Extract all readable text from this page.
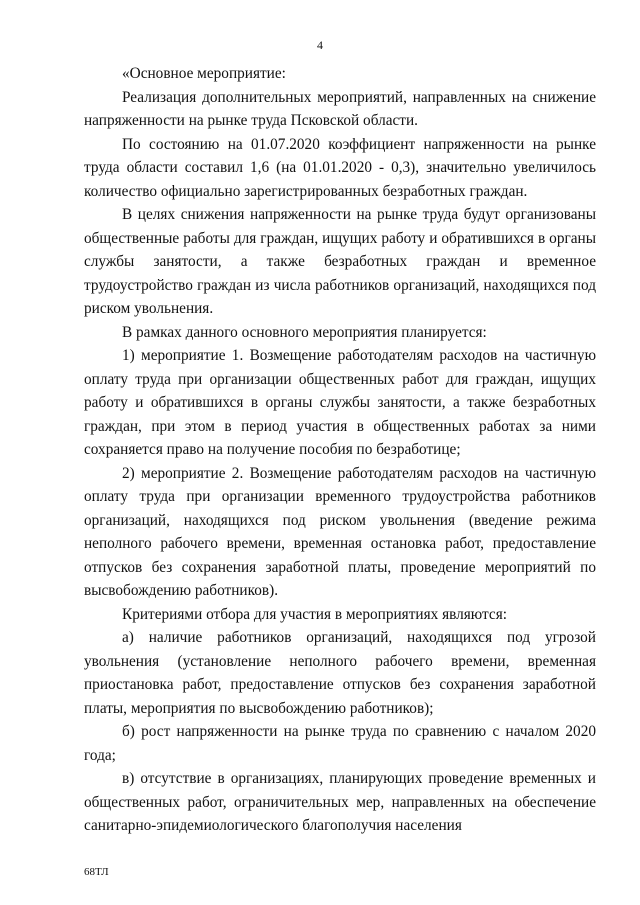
4

«Основное мероприятие:

Реализация дополнительных мероприятий, направленных на снижение напряженности на рынке труда Псковской области.

По состоянию на 01.07.2020 коэффициент напряженности на рынке труда области составил 1,6 (на 01.01.2020 - 0,3), значительно увеличилось количество официально зарегистрированных безработных граждан.

В целях снижения напряженности на рынке труда будут организованы общественные работы для граждан, ищущих работу и обратившихся в органы службы занятости, а также безработных граждан и временное трудоустройство граждан из числа работников организаций, находящихся под риском увольнения.

В рамках данного основного мероприятия планируется:

1) мероприятие 1. Возмещение работодателям расходов на частичную оплату труда при организации общественных работ для граждан, ищущих работу и обратившихся в органы службы занятости, а также безработных граждан, при этом в период участия в общественных работах за ними сохраняется право на получение пособия по безработице;

2) мероприятие 2. Возмещение работодателям расходов на частичную оплату труда при организации временного трудоустройства работников организаций, находящихся под риском увольнения (введение режима неполного рабочего времени, временная остановка работ, предоставление отпусков без сохранения заработной платы, проведение мероприятий по высвобождению работников).

Критериями отбора для участия в мероприятиях являются:

а) наличие работников организаций, находящихся под угрозой увольнения (установление неполного рабочего времени, временная приостановка работ, предоставление отпусков без сохранения заработной платы, мероприятия по высвобождению работников);

б) рост напряженности на рынке труда по сравнению с началом 2020 года;

в) отсутствие в организациях, планирующих проведение временных и общественных работ, ограничительных мер, направленных на обеспечение санитарно-эпидемиологического благополучия населения

68ТЛ
